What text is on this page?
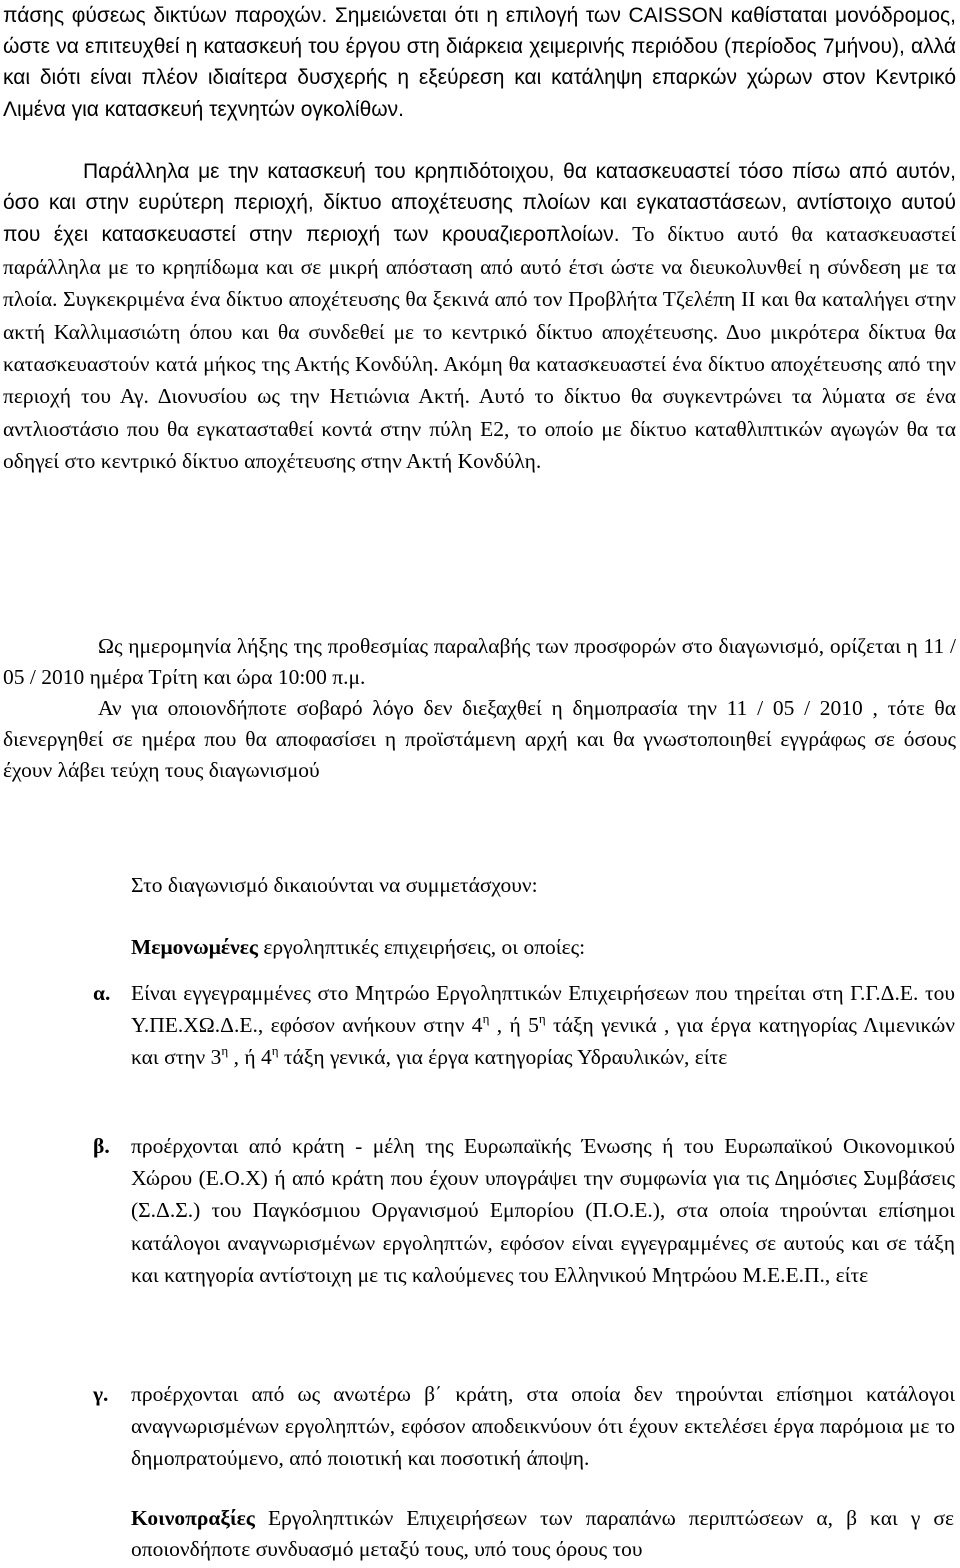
πάσης φύσεως δικτύων παροχών. Σημειώνεται ότι η επιλογή των CAISSON καθίσταται μονόδρομος, ώστε να επιτευχθεί η κατασκευή του έργου στη διάρκεια χειμερινής περιόδου (περίοδος 7μήνου), αλλά και διότι είναι πλέον ιδιαίτερα δυσχερής η εξεύρεση και κατάληψη επαρκών χώρων στον Κεντρικό Λιμένα για κατασκευή τεχνητών ογκολίθων.

Παράλληλα με την κατασκευή του κρηπιδότοιχου, θα κατασκευαστεί τόσο πίσω από αυτόν, όσο και στην ευρύτερη περιοχή, δίκτυο αποχέτευσης πλοίων και εγκαταστάσεων, αντίστοιχο αυτού που έχει κατασκευαστεί στην περιοχή των κρουαζιεροπλοίων. Το δίκτυο αυτό θα κατασκευαστεί παράλληλα με το κρηπίδωμα και σε μικρή απόσταση από αυτό έτσι ώστε να διευκολυνθεί η σύνδεση με τα πλοία. Συγκεκριμένα ένα δίκτυο αποχέτευσης θα ξεκινά από τον Προβλήτα Τζελέπη ΙΙ και θα καταλήγει στην ακτή Καλλιμασιώτη όπου και θα συνδεθεί με το κεντρικό δίκτυο αποχέτευσης. Δυο μικρότερα δίκτυα θα κατασκευαστούν κατά μήκος της Ακτής Κονδύλη. Ακόμη θα κατασκευαστεί ένα δίκτυο αποχέτευσης από την περιοχή του Αγ. Διονυσίου ως την Ηετιώνια Ακτή. Αυτό το δίκτυο θα συγκεντρώνει τα λύματα σε ένα αντλιοστάσιο που θα εγκατασταθεί κοντά στην πύλη Ε2, το οποίο με δίκτυο καταθλιπτικών αγωγών θα τα οδηγεί στο κεντρικό δίκτυο αποχέτευσης στην Ακτή Κονδύλη.

Ως ημερομηνία λήξης της προθεσμίας παραλαβής των προσφορών στο διαγωνισμό, ορίζεται η 11 / 05 / 2010 ημέρα Τρίτη και ώρα 10:00 π.μ.

Αν για οποιονδήποτε σοβαρό λόγο δεν διεξαχθεί η δημοπρασία την 11 / 05 / 2010 , τότε θα διενεργηθεί σε ημέρα που θα αποφασίσει η προϊστάμενη αρχή και θα γνωστοποιηθεί εγγράφως σε όσους έχουν λάβει τεύχη τους διαγωνισμού

Στο διαγωνισμό δικαιούνται να συμμετάσχουν:

Μεμονωμένες εργοληπτικές επιχειρήσεις, οι οποίες:

α. Είναι εγγεγραμμένες στο Μητρώο Εργοληπτικών Επιχειρήσεων που τηρείται στη Γ.Γ.Δ.Ε. του Υ.ΠΕ.ΧΩ.Δ.Ε., εφόσον ανήκουν στην $4^\eta$ , ή $5^\eta$ τάξη γενικά , για έργα κατηγορίας Λιμενικών και στην $3^\eta$ , ή $4^\eta$ τάξη γενικά, για έργα κατηγορίας Υδραυλικών, είτε

β. προέρχονται από κράτη - μέλη της Ευρωπαϊκής Ένωσης ή του Ευρωπαϊκού Οικονομικού Χώρου (Ε.Ο.Χ) ή από κράτη που έχουν υπογράψει την συμφωνία για τις Δημόσιες Συμβάσεις (Σ.Δ.Σ.) του Παγκόσμιου Οργανισμού Εμπορίου (Π.Ο.Ε.), στα οποία τηρούνται επίσημοι κατάλογοι αναγνωρισμένων εργοληπτών, εφόσον είναι εγγεγραμμένες σε αυτούς και σε τάξη και κατηγορία αντίστοιχη με τις καλούμενες του Ελληνικού Μητρώου Μ.Ε.Ε.Π., είτε

γ. προέρχονται από ως ανωτέρω β΄ κράτη, στα οποία δεν τηρούνται επίσημοι κατάλογοι αναγνωρισμένων εργοληπτών, εφόσον αποδεικνύουν ότι έχουν εκτελέσει έργα παρόμοια με το δημοπρατούμενο, από ποιοτική και ποσοτική άποψη.

Κοινοπραξίες Εργοληπτικών Επιχειρήσεων των παραπάνω περιπτώσεων α, β και γ σε οποιονδήποτε συνδυασμό μεταξύ τους, υπό τους όρους του
